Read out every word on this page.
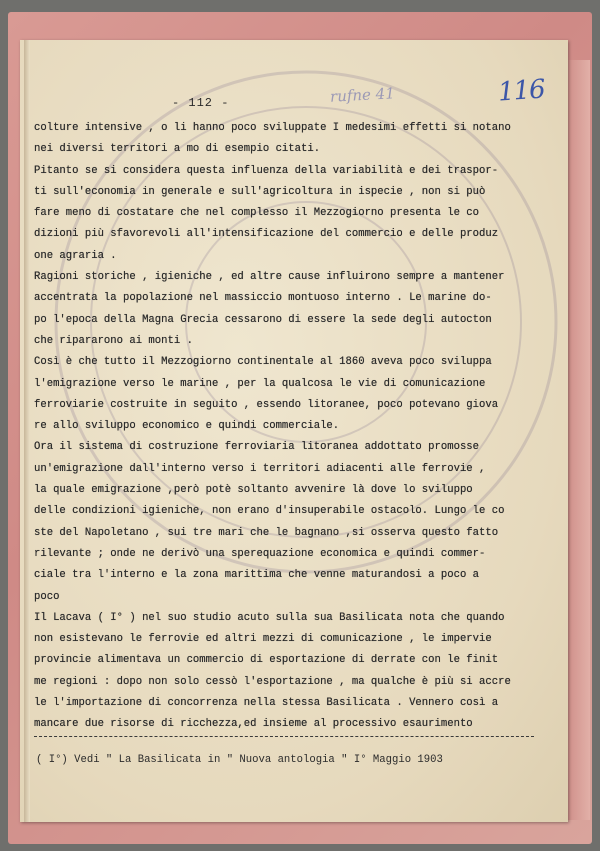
- 112 -	rufne 41	116
colture intensive , o li hanno poco sviluppate I medesimi effetti si notano
nei diversi territori a mo di esempio citati.
Pitanto se si considera questa influenza della variabilità e dei traspor-
ti sull'economia in generale e sull'agricoltura in ispecie , non si può
fare meno di costatare che nel complesso il Mezzogiorno presenta le co
dizioni più sfavorevoli all'intensificazione del commercio e delle produz
one agraria .
Ragioni storiche , igieniche , ed altre cause influirono sempre a mantener
accentrata la popolazione nel massiccio montuoso interno . Le marine do-
po l'epoca della Magna Grecia cessarono di essere la sede degli autocton
che ripararono ai monti .
Così è che tutto il Mezzogiorno continentale al 1860 aveva poco sviluppa
l'emigrazione verso le marine , per la qualcosa le vie di comunicazione
ferroviarie costruite in seguito , essendo litoranee, poco potevano giova
re allo sviluppo economico e quindi commerciale.
Ora il sistema di costruzione ferroviaria litoranea addottato promosse
un'emigrazione dall'interno verso i territori adiacenti alle ferrovie ,
la quale emigrazione ,però potè soltanto avvenire là dove lo sviluppo
delle condizioni igieniche, non erano d'insuperabile ostacolo. Lungo le co
ste del Napoletano , sui tre mari che le bagnano ,si osserva questo fatto
rilevante ; onde ne derivò una sperequazione economica e quindi commer-
ciale tra l'interno e la zona marittima che venne maturandosi a poco a
poco
Il Lacava ( I° ) nel suo studio acuto sulla sua Basilicata nota che quando
non esistevano le ferrovie ed altri mezzi di comunicazione , le impervie
provincie alimentava un commercio di esportazione di derrate con le finit
me regioni : dopo non solo cessò l'esportazione , ma qualche è più si accre
le l'importazione di concorrenza nella stessa Basilicata . Vennero così a
mancare due risorse di ricchezza,ed insieme al processivo esaurimento
( I°) Vedi " La Basilicata in " Nuova antologia " I° Maggio 1903
